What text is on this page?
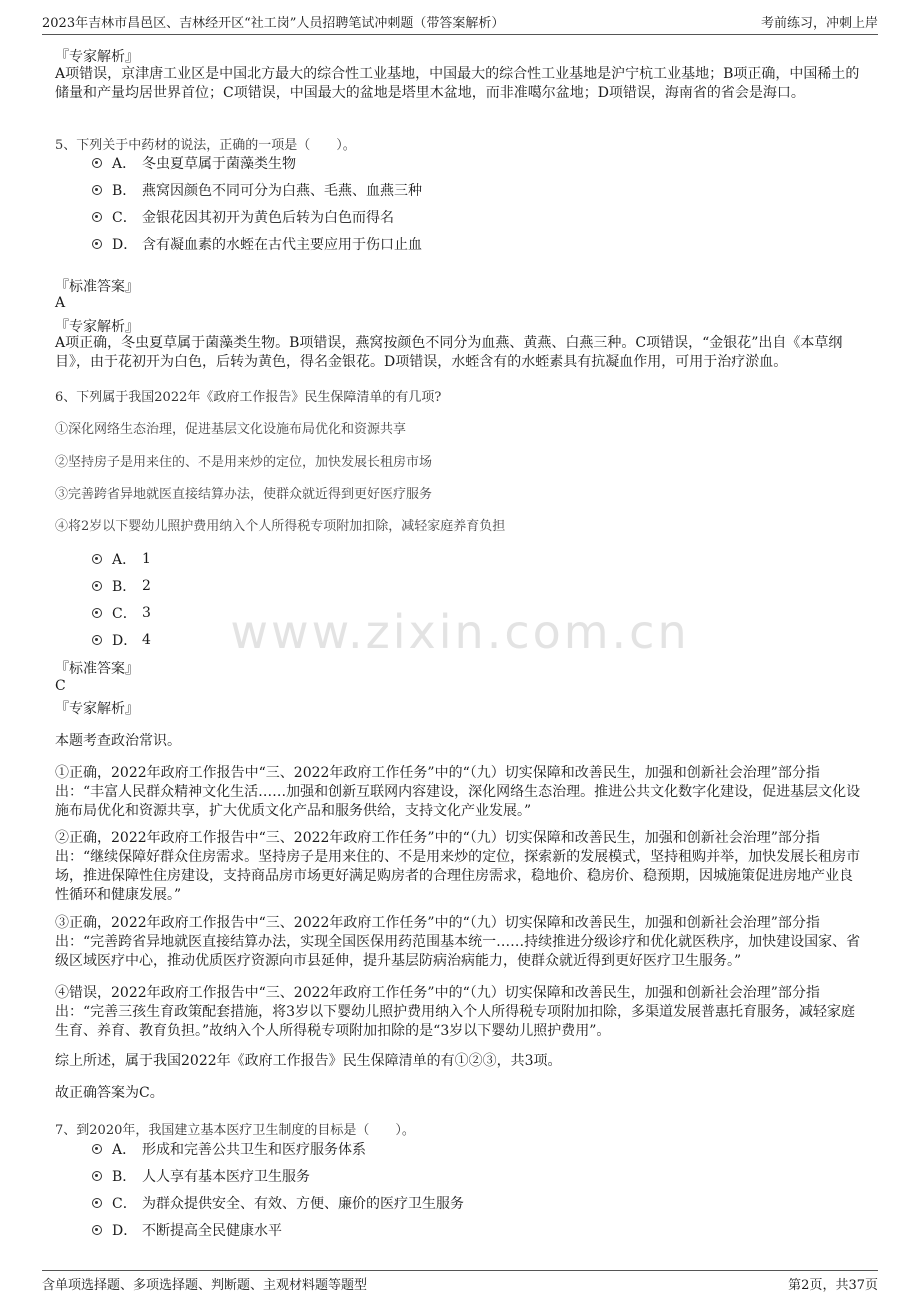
2023年吉林市昌邑区、吉林经开区“社工岗”人员招聘笔试冲刺题（带答案解析）	考前练习，冲刺上岸
www.zixin.com.cn
『专家解析』

A项错误，京津唐工业区是中国北方最大的综合性工业基地，中国最大的综合性工业基地是沪宁杭工业基地；B项正确，中国稀土的储量和产量均居世界首位；C项错误，中国最大的盆地是塔里木盆地，而非准噶尔盆地；D项错误，海南省的省会是海口。

5、下列关于中药材的说法，正确的一项是（　　）。
A． 冬虫夏草属于菌藻类生物
B． 燕窝因颜色不同可分为白燕、毛燕、血燕三种
C． 金银花因其初开为黄色后转为白色而得名
D． 含有凝血素的水蛭在古代主要应用于伤口止血
『标准答案』
A
『专家解析』

A项正确，冬虫夏草属于菌藻类生物。B项错误，燕窝按颜色不同分为血燕、黄燕、白燕三种。C项错误，“金银花”出自《本草纲目》，由于花初开为白色，后转为黄色，得名金银花。D项错误，水蛭含有的水蛭素具有抗凝血作用，可用于治疗淤血。

6、下列属于我国2022年《政府工作报告》民生保障清单的有几项?
①深化网络生态治理，促进基层文化设施布局优化和资源共享
②坚持房子是用来住的、不是用来炒的定位，加快发展长租房市场
③完善跨省异地就医直接结算办法，使群众就近得到更好医疗服务
④将2岁以下婴幼儿照护费用纳入个人所得税专项附加扣除，减轻家庭养育负担
A． 1
B． 2
C． 3
D． 4
『标准答案』
C
『专家解析』

本题考查政治常识。

①正确，2022年政府工作报告中“三、2022年政府工作任务”中的“（九）切实保障和改善民生，加强和创新社会治理”部分指出：“丰富人民群众精神文化生活……加强和创新互联网内容建设，深化网络生态治理。推进公共文化数字化建设，促进基层文化设施布局优化和资源共享，扩大优质文化产品和服务供给，支持文化产业发展。”

②正确，2022年政府工作报告中“三、2022年政府工作任务”中的“（九）切实保障和改善民生，加强和创新社会治理”部分指出：“继续保障好群众住房需求。坚持房子是用来住的、不是用来炒的定位，探索新的发展模式，坚持租购并举，加快发展长租房市场，推进保障性住房建设，支持商品房市场更好满足购房者的合理住房需求，稳地价、稳房价、稳预期，因城施策促进房地产业良性循环和健康发展。”

③正确，2022年政府工作报告中“三、2022年政府工作任务”中的“（九）切实保障和改善民生，加强和创新社会治理”部分指出：“完善跨省异地就医直接结算办法，实现全国医保用药范围基本统一……持续推进分级诊疗和优化就医秩序，加快建设国家、省级区域医疗中心，推动优质医疗资源向市县延伸，提升基层防病治病能力，使群众就近得到更好医疗卫生服务。”

④错误，2022年政府工作报告中“三、2022年政府工作任务”中的“（九）切实保障和改善民生，加强和创新社会治理”部分指出：“完善三孩生育政策配套措施，将3岁以下婴幼儿照护费用纳入个人所得税专项附加扣除，多渠道发展普惠托育服务，减轻家庭生育、养育、教育负担。”故纳入个人所得税专项附加扣除的是“3岁以下婴幼儿照护费用”。

综上所述，属于我国2022年《政府工作报告》民生保障清单的有①②③，共3项。

故正确答案为C。

7、到2020年，我国建立基本医疗卫生制度的目标是（　　）。
A． 形成和完善公共卫生和医疗服务体系
B． 人人享有基本医疗卫生服务
C． 为群众提供安全、有效、方便、廉价的医疗卫生服务
D． 不断提高全民健康水平
含单项选择题、多项选择题、判断题、主观材料题等题型	第2页，共37页
